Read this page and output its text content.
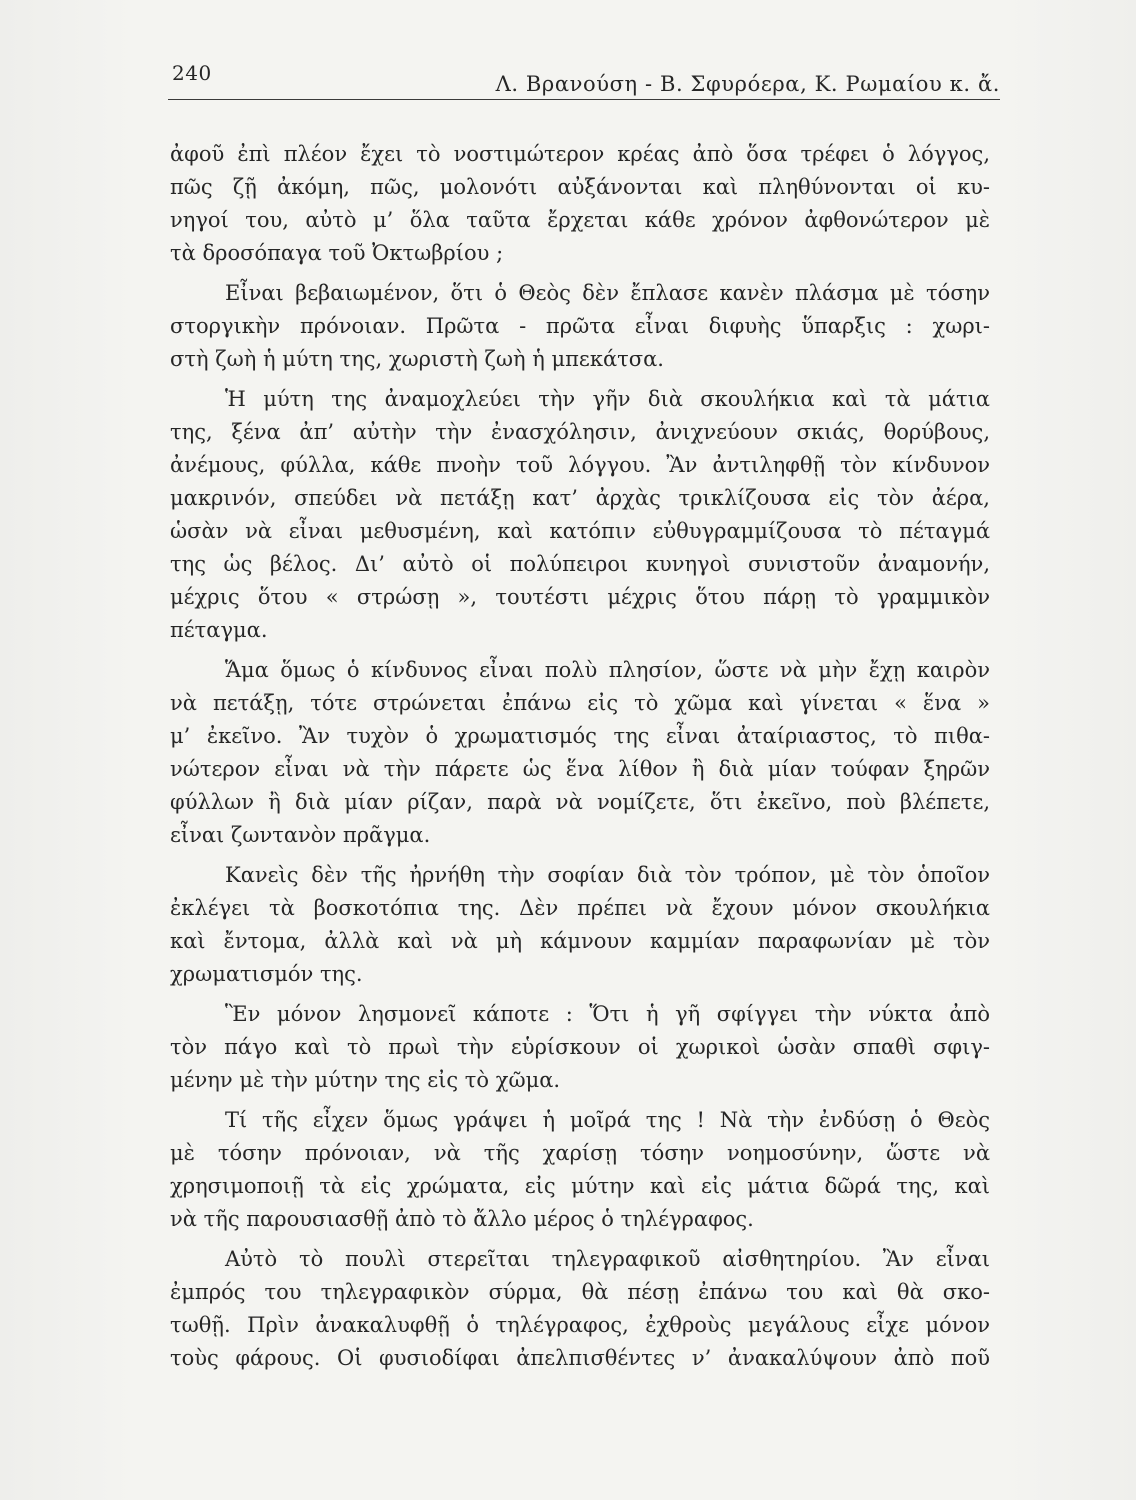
240	Λ. Βρανούση - Β. Σφυρόερα, Κ. Ρωμαίου κ. ἄ.
ἀφοῦ ἐπὶ πλέον ἔχει τὸ νοστιμώτερον κρέας ἀπὸ ὅσα τρέφει ὁ λόγγος,
πῶς ζῇ ἀκόμη, πῶς, μολονότι αὐξάνονται καὶ πληθύνονται οἱ κυ-
νηγοί του, αὐτὸ μ’ ὅλα ταῦτα ἔρχεται κάθε χρόνον ἀφθονώτερον μὲ
τὰ δροσόπαγα τοῦ Ὀκτωβρίου ;
Εἶναι βεβαιωμένον, ὅτι ὁ Θεὸς δὲν ἔπλασε κανὲν πλάσμα μὲ τόσην
στοργικὴν πρόνοιαν. Πρῶτα - πρῶτα εἶναι διφυὴς ὕπαρξις : χωρι-
στὴ ζωὴ ἡ μύτη της, χωριστὴ ζωὴ ἡ μπεκάτσα.
Ἡ μύτη της ἀναμοχλεύει τὴν γῆν διὰ σκουλήκια καὶ τὰ μάτια
της, ξένα ἀπ’ αὐτὴν τὴν ἐνασχόλησιν, ἀνιχνεύουν σκιάς, θορύβους,
ἀνέμους, φύλλα, κάθε πνοὴν τοῦ λόγγου. Ἂν ἀντιληφθῇ τὸν κίνδυνον
μακρινόν, σπεύδει νὰ πετάξῃ κατ’ ἀρχὰς τρικλίζουσα εἰς τὸν ἀέρα,
ὡσὰν νὰ εἶναι μεθυσμένη, καὶ κατόπιν εὐθυγραμμίζουσα τὸ πέταγμά
της ὡς βέλος. Δι’ αὐτὸ οἱ πολύπειροι κυνηγοὶ συνιστοῦν ἀναμονήν,
μέχρις ὅτου « στρώσῃ », τουτέστι μέχρις ὅτου πάρῃ τὸ γραμμικὸν
πέταγμα.
Ἅμα ὅμως ὁ κίνδυνος εἶναι πολὺ πλησίον, ὥστε νὰ μὴν ἔχῃ καιρὸν
νὰ πετάξῃ, τότε στρώνεται ἐπάνω εἰς τὸ χῶμα καὶ γίνεται « ἕνα »
μ’ ἐκεῖνο. Ἂν τυχὸν ὁ χρωματισμός της εἶναι ἀταίριαστος, τὸ πιθα-
νώτερον εἶναι νὰ τὴν πάρετε ὡς ἕνα λίθον ἢ διὰ μίαν τούφαν ξηρῶν
φύλλων ἢ διὰ μίαν ρίζαν, παρὰ νὰ νομίζετε, ὅτι ἐκεῖνο, ποὺ βλέπετε,
εἶναι ζωντανὸν πρᾶγμα.
Κανεὶς δὲν τῆς ἠρνήθη τὴν σοφίαν διὰ τὸν τρόπον, μὲ τὸν ὁποῖον
ἐκλέγει τὰ βοσκοτόπια της. Δὲν πρέπει νὰ ἔχουν μόνον σκουλήκια
καὶ ἔντομα, ἀλλὰ καὶ νὰ μὴ κάμνουν καμμίαν παραφωνίαν μὲ τὸν
χρωματισμόν της.
Ἓν μόνον λησμονεῖ κάποτε : Ὅτι ἡ γῆ σφίγγει τὴν νύκτα ἀπὸ
τὸν πάγο καὶ τὸ πρωὶ τὴν εὑρίσκουν οἱ χωρικοὶ ὡσὰν σπαθὶ σφιγ-
μένην μὲ τὴν μύτην της εἰς τὸ χῶμα.
Τί τῆς εἶχεν ὅμως γράψει ἡ μοῖρά της ! Νὰ τὴν ἐνδύσῃ ὁ Θεὸς
μὲ τόσην πρόνοιαν, νὰ τῆς χαρίσῃ τόσην νοημοσύνην, ὥστε νὰ
χρησιμοποιῇ τὰ εἰς χρώματα, εἰς μύτην καὶ εἰς μάτια δῶρά της, καὶ
νὰ τῆς παρουσιασθῇ ἀπὸ τὸ ἄλλο μέρος ὁ τηλέγραφος.
Αὐτὸ τὸ πουλὶ στερεῖται τηλεγραφικοῦ αἰσθητηρίου. Ἂν εἶναι
ἐμπρός του τηλεγραφικὸν σύρμα, θὰ πέσῃ ἐπάνω του καὶ θὰ σκο-
τωθῇ. Πρὶν ἀνακαλυφθῇ ὁ τηλέγραφος, ἐχθροὺς μεγάλους εἶχε μόνον
τοὺς φάρους. Οἱ φυσιοδίφαι ἀπελπισθέντες ν’ ἀνακαλύψουν ἀπὸ ποῦ
